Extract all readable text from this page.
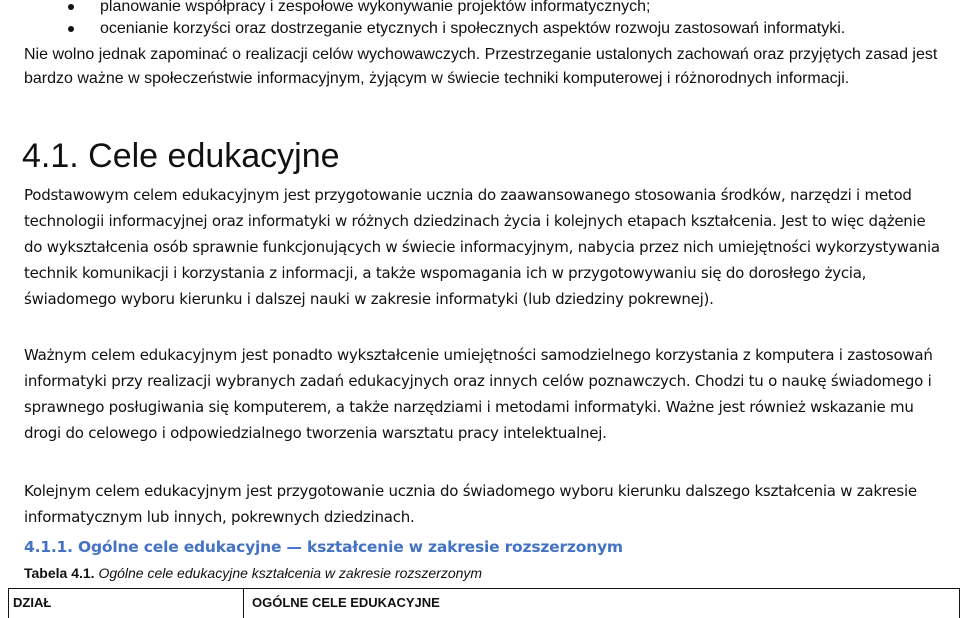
planowanie współpracy i zespołowe wykonywanie projektów informatycznych;
ocenianie korzyści oraz dostrzeganie etycznych i społecznych aspektów rozwoju zastosowań informatyki.

Nie wolno jednak zapominać o realizacji celów wychowawczych. Przestrzeganie ustalonych zachowań oraz przyjętych zasad jest bardzo ważne w społeczeństwie informacyjnym, żyjącym w świecie techniki komputerowej i różnorodnych informacji.

4.1. Cele edukacyjne

Podstawowym celem edukacyjnym jest przygotowanie ucznia do zaawansowanego stosowania środków, narzędzi i metod technologii informacyjnej oraz informatyki w różnych dziedzinach życia i kolejnych etapach kształcenia. Jest to więc dążenie do wykształcenia osób sprawnie funkcjonujących w świecie informacyjnym, nabycia przez nich umiejętności wykorzystywania technik komunikacji i korzystania z informacji, a także wspomagania ich w przygotowywaniu się do dorosłego życia, świadomego wyboru kierunku i dalszej nauki w zakresie informatyki (lub dziedziny pokrewnej).

Ważnym celem edukacyjnym jest ponadto wykształcenie umiejętności samodzielnego korzystania z komputera i zastosowań informatyki przy realizacji wybranych zadań edukacyjnych oraz innych celów poznawczych. Chodzi tu o naukę świadomego i sprawnego posługiwania się komputerem, a także narzędziami i metodami informatyki. Ważne jest również wskazanie mu drogi do celowego i odpowiedzialnego tworzenia warsztatu pracy intelektualnej.

Kolejnym celem edukacyjnym jest przygotowanie ucznia do świadomego wyboru kierunku dalszego kształcenia w zakresie informatycznym lub innych, pokrewnych dziedzinach.

4.1.1. Ogólne cele edukacyjne — kształcenie w zakresie rozszerzonym

Tabela 4.1. Ogólne cele edukacyjne kształcenia w zakresie rozszerzonym

DZIAŁ	OGÓLNE CELE EDUKACYJNE
